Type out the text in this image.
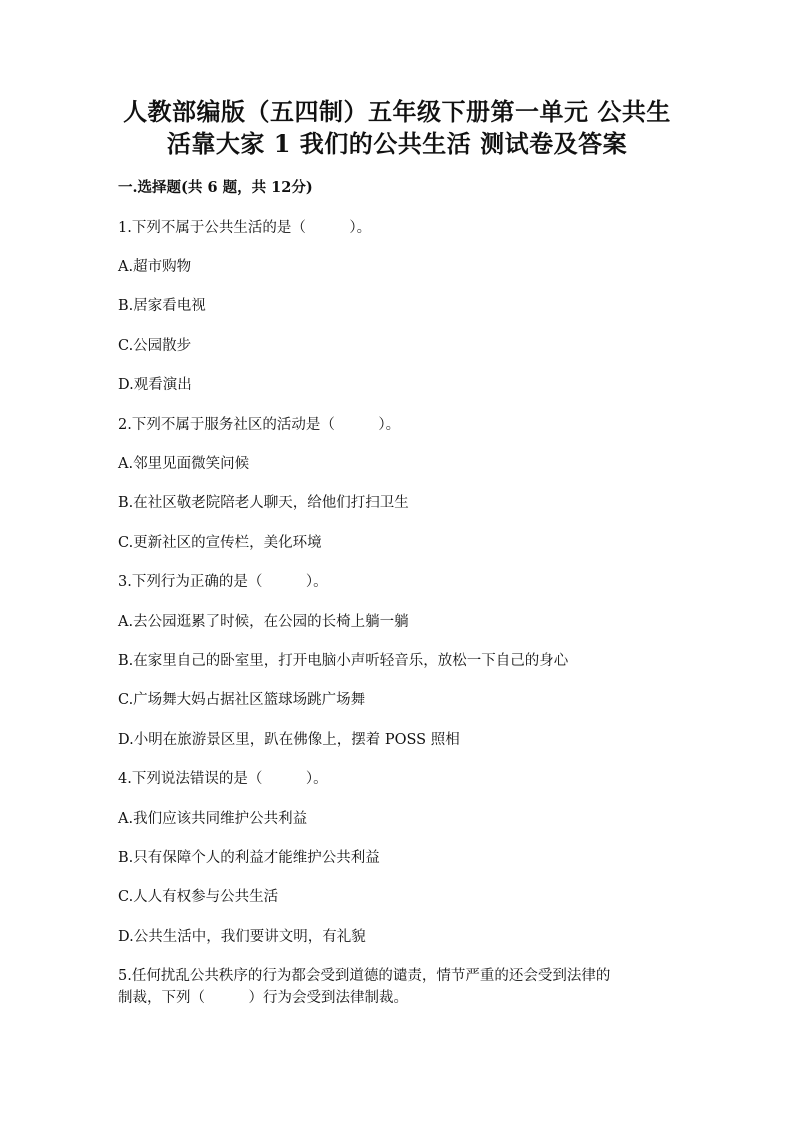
人教部编版（五四制）五年级下册第一单元 公共生
活靠大家 1 我们的公共生活 测试卷及答案
一.选择题(共 6 题，共 12分)
1.下列不属于公共生活的是（　　　）。
A.超市购物
B.居家看电视
C.公园散步
D.观看演出
2.下列不属于服务社区的活动是（　　　）。
A.邻里见面微笑问候
B.在社区敬老院陪老人聊天，给他们打扫卫生
C.更新社区的宣传栏，美化环境
3.下列行为正确的是（　　　）。
A.去公园逛累了时候，在公园的长椅上躺一躺
B.在家里自己的卧室里，打开电脑小声听轻音乐，放松一下自己的身心
C.广场舞大妈占据社区篮球场跳广场舞
D.小明在旅游景区里，趴在佛像上，摆着 POSS 照相
4.下列说法错误的是（　　　）。
A.我们应该共同维护公共利益
B.只有保障个人的利益才能维护公共利益
C.人人有权参与公共生活
D.公共生活中，我们要讲文明，有礼貌
5.任何扰乱公共秩序的行为都会受到道德的谴责，情节严重的还会受到法律的
制裁，下列（　　　）行为会受到法律制裁。
